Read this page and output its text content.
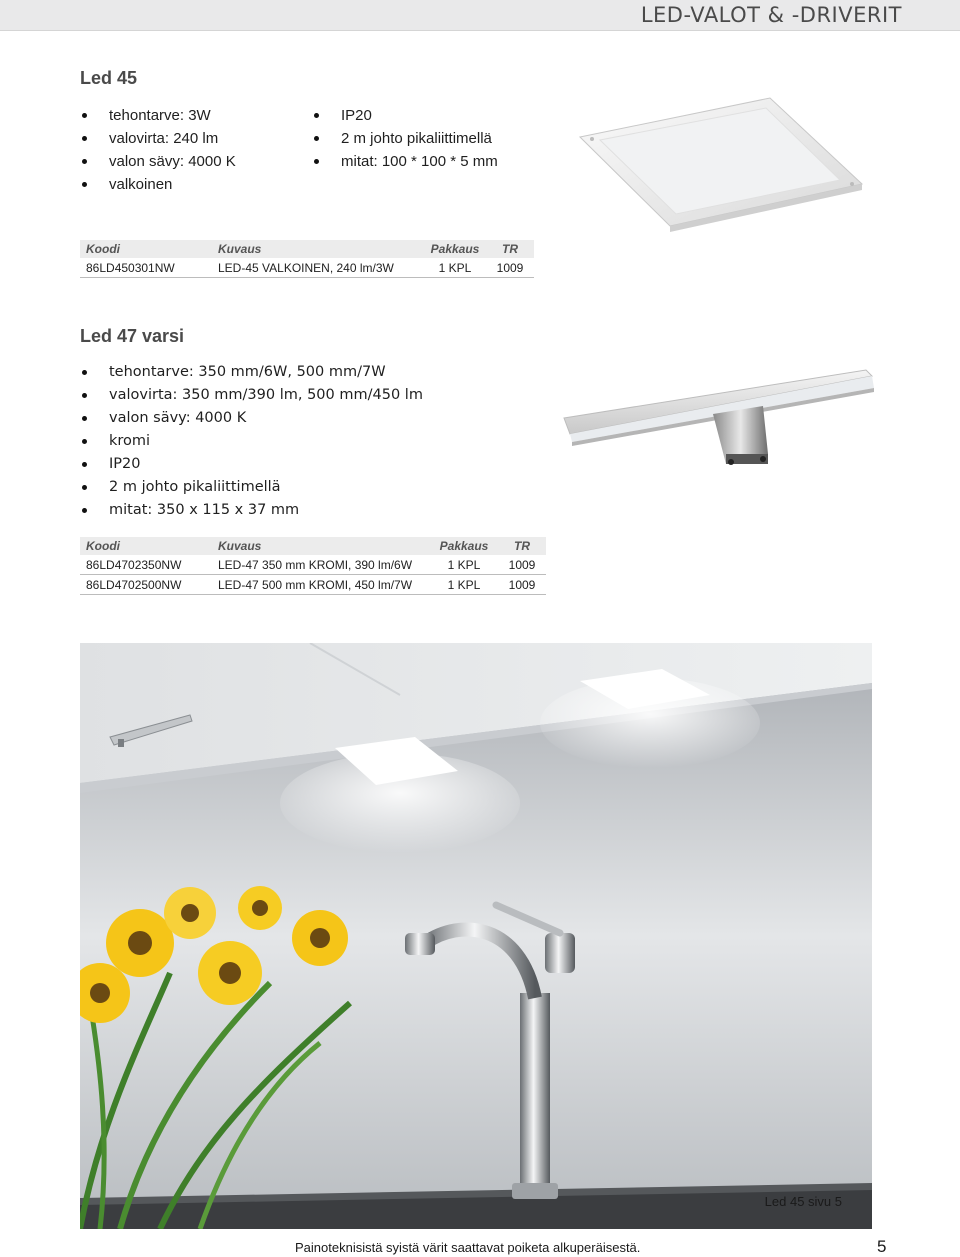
LED-VALOT & -DRIVERIT
Led 45
tehontarve: 3W
valovirta: 240 lm
valon sävy: 4000 K
valkoinen
IP20
2 m johto pikaliittimellä
mitat: 100 * 100 * 5 mm
Koodi	Kuvaus	Pakkaus	TR
86LD450301NW	LED-45 VALKOINEN, 240 lm/3W	1 KPL	1009
Led 47 varsi
tehontarve: 350 mm/6W, 500 mm/7W
valovirta: 350 mm/390 lm, 500 mm/450 lm
valon sävy: 4000 K
kromi
IP20
2 m johto pikaliittimellä
mitat: 350 x 115 x 37 mm
Koodi	Kuvaus	Pakkaus	TR
86LD4702350NW	LED-47 350 mm KROMI, 390 lm/6W	1 KPL	1009
86LD4702500NW	LED-47 500 mm KROMI, 450 lm/7W	1 KPL	1009
Led 45 sivu 5
Painoteknisistä syistä värit saattavat poiketa alkuperäisestä.	5
